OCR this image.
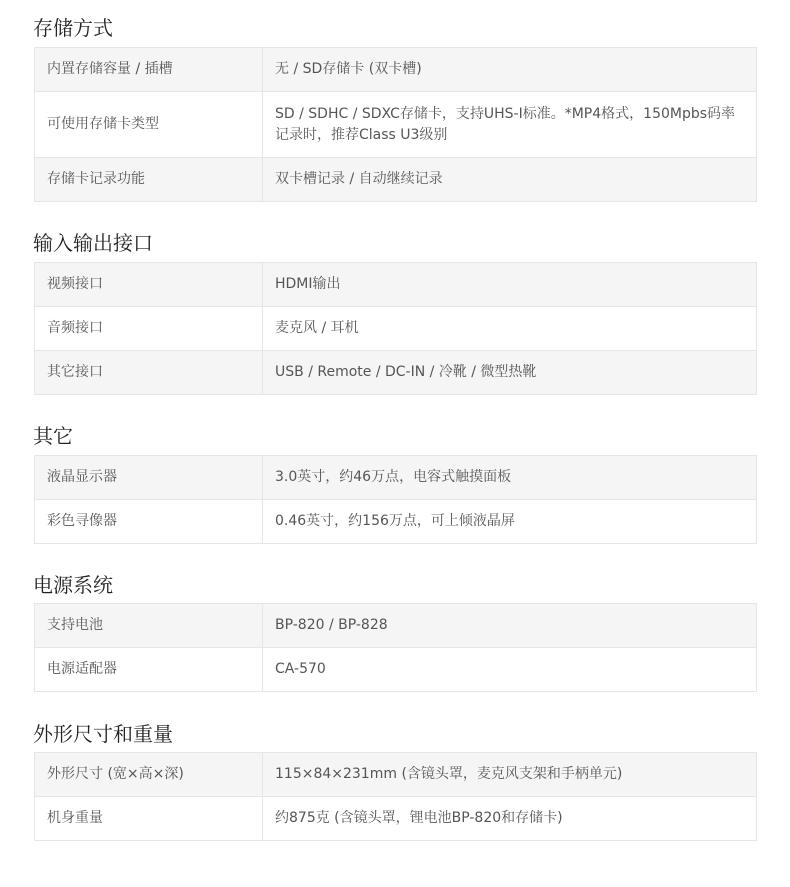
存储方式
内置存储容量 / 插槽	无 / SD存储卡 (双卡槽)
可使用存储卡类型	SD / SDHC / SDXC存储卡，支持UHS-I标准。*MP4格式，150Mpbs码率记录时，推荐Class U3级别
存储卡记录功能	双卡槽记录 / 自动继续记录
输入输出接口
视频接口	HDMI输出
音频接口	麦克风 / 耳机
其它接口	USB / Remote / DC-IN / 冷靴 / 微型热靴
其它
液晶显示器	3.0英寸，约46万点，电容式触摸面板
彩色寻像器	0.46英寸，约156万点，可上倾液晶屏
电源系统
支持电池	BP-820 / BP-828
电源适配器	CA-570
外形尺寸和重量
外形尺寸 (宽×高×深)	115×84×231mm (含镜头罩，麦克风支架和手柄单元)
机身重量	约875克 (含镜头罩，锂电池BP-820和存储卡)
